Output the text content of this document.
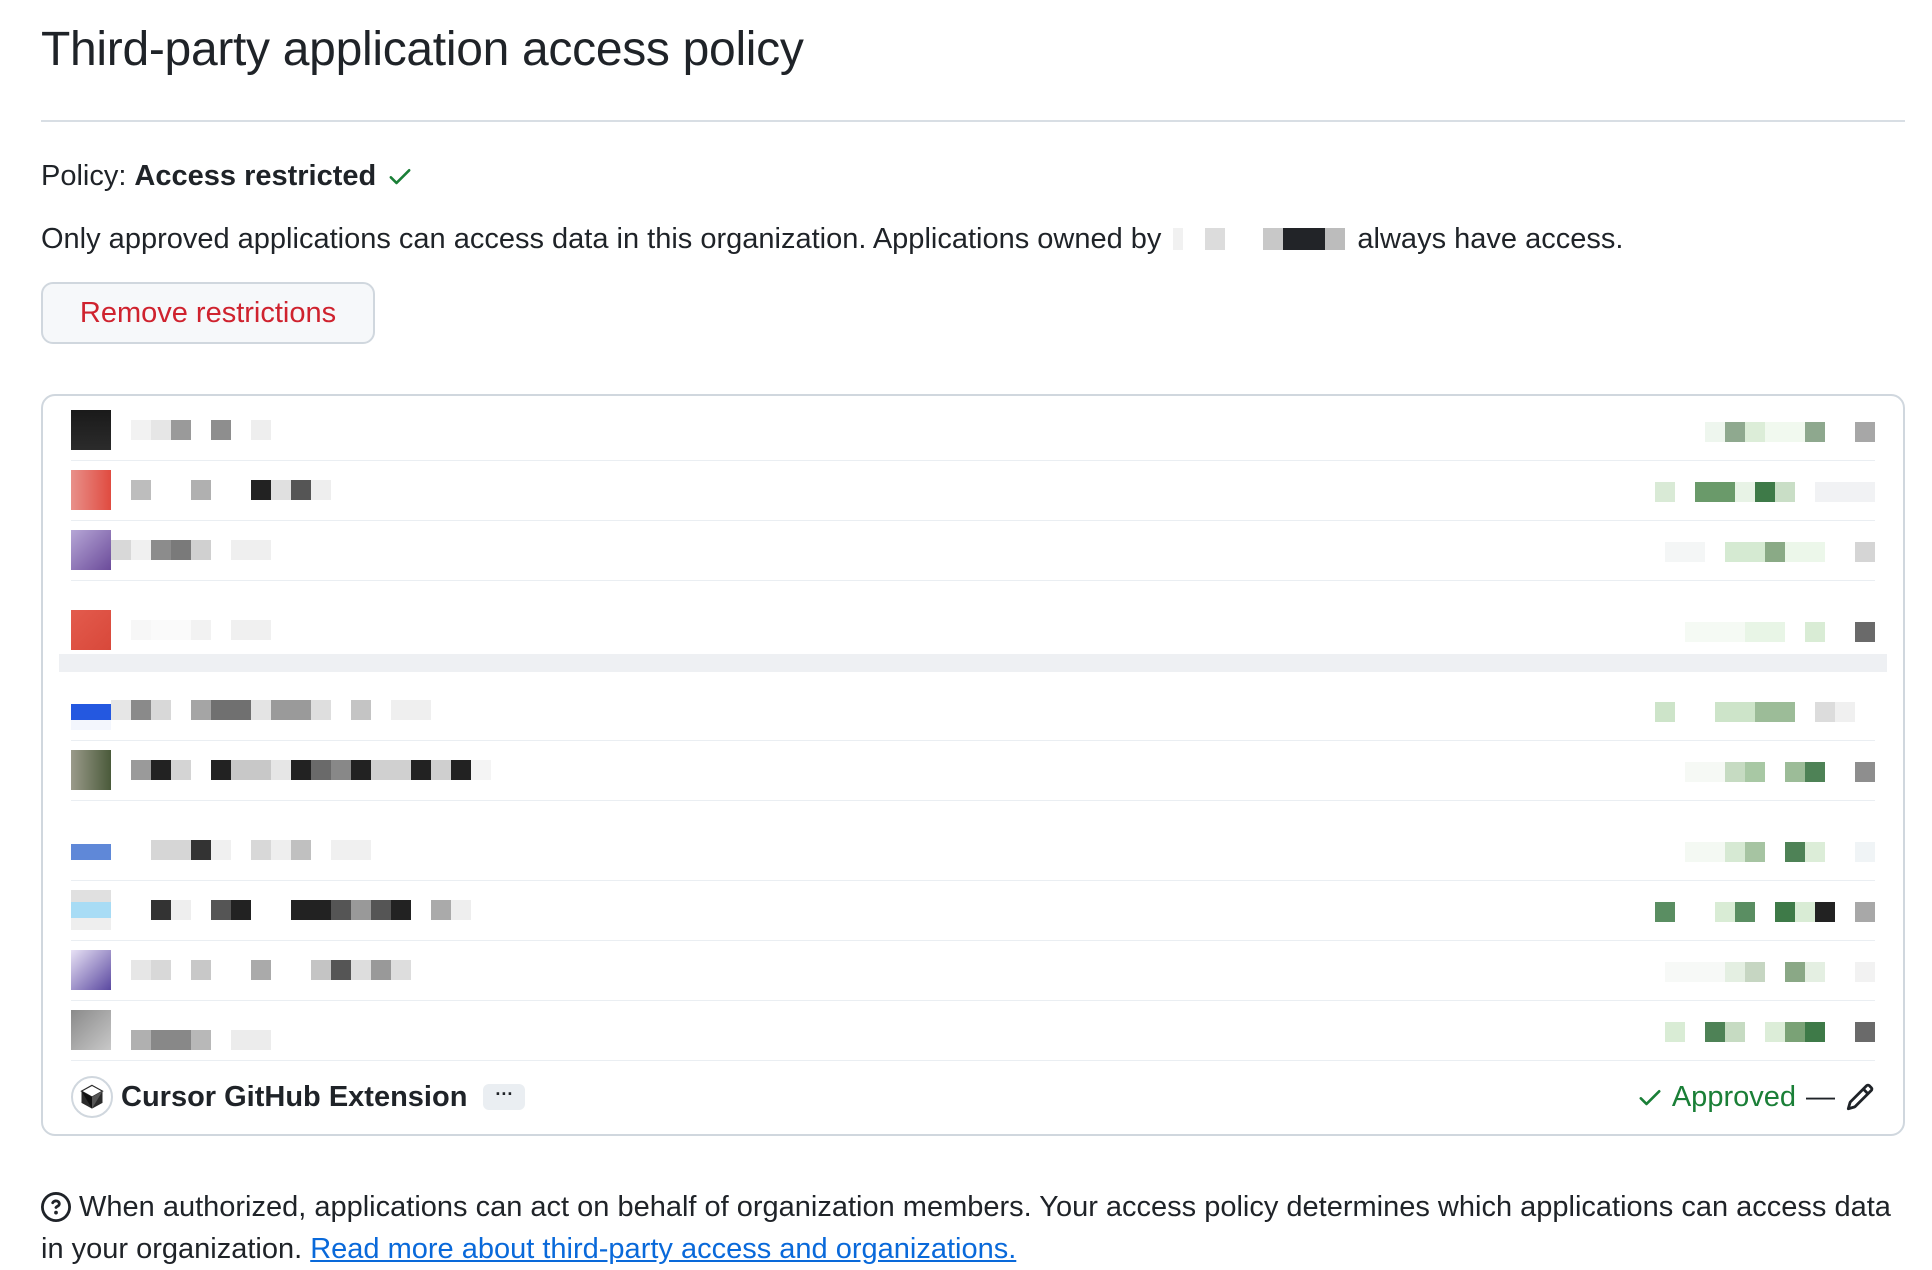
Third-party application access policy
Policy: Access restricted
Only approved applications can access data in this organization. Applications owned by	always have access.
Remove restrictions
Cursor GitHub Extension	···	Approved —
When authorized, applications can act on behalf of organization members. Your access policy determines which applications can access data in your organization. Read more about third-party access and organizations.
